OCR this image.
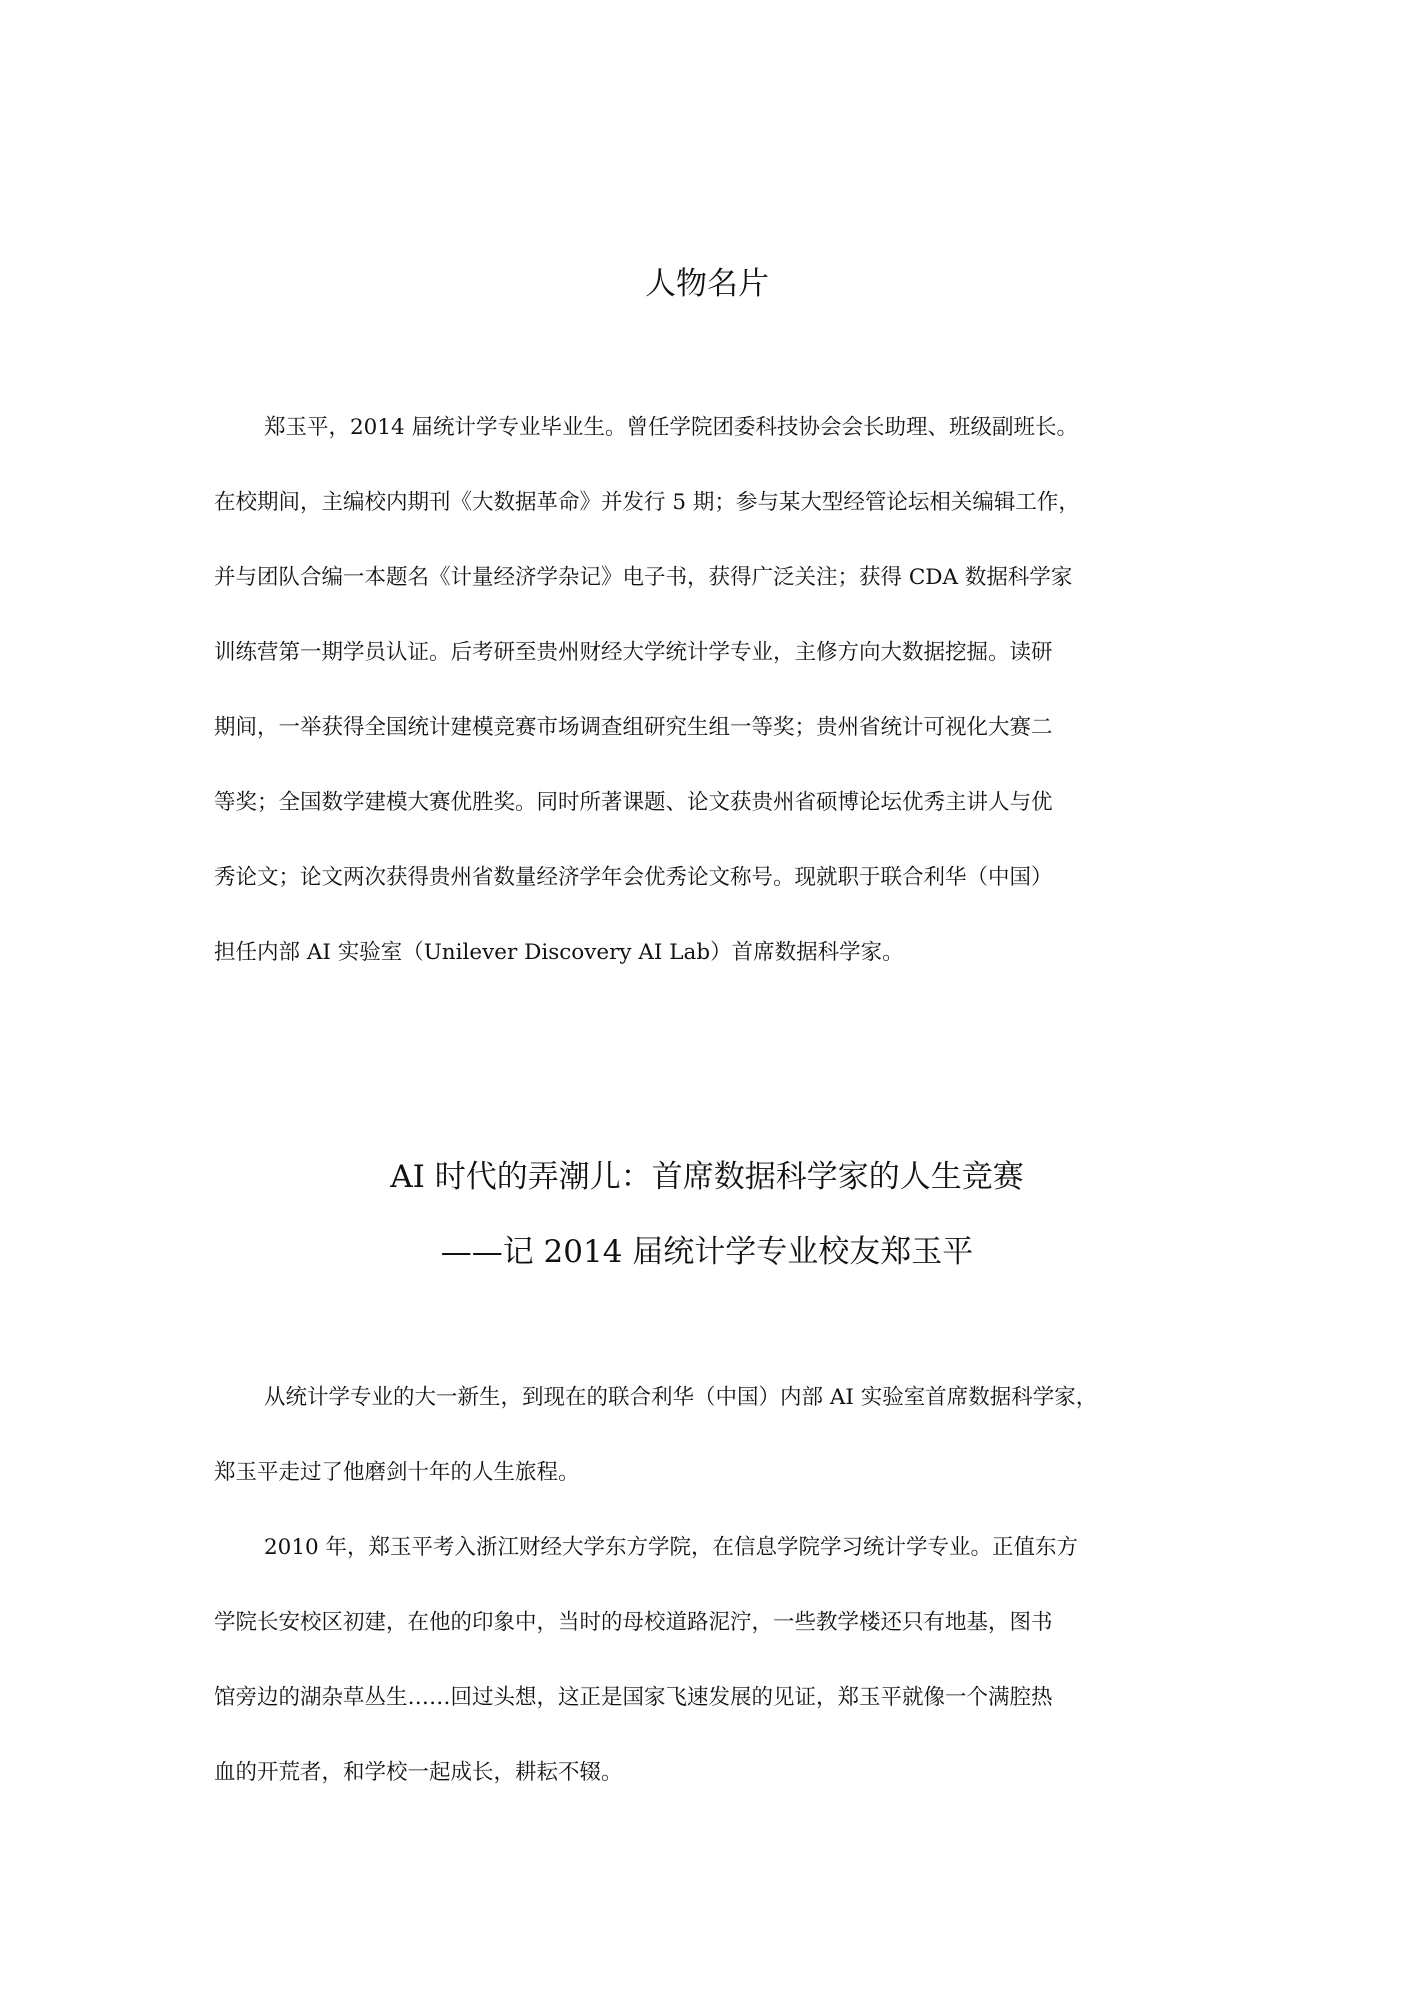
人物名片

郑玉平，2014 届统计学专业毕业生。曾任学院团委科技协会会长助理、班级副班长。

在校期间，主编校内期刊《大数据革命》并发行 5 期；参与某大型经管论坛相关编辑工作，

并与团队合编一本题名《计量经济学杂记》电子书，获得广泛关注；获得 CDA 数据科学家

训练营第一期学员认证。后考研至贵州财经大学统计学专业，主修方向大数据挖掘。读研

期间，一举获得全国统计建模竞赛市场调查组研究生组一等奖；贵州省统计可视化大赛二

等奖；全国数学建模大赛优胜奖。同时所著课题、论文获贵州省硕博论坛优秀主讲人与优

秀论文；论文两次获得贵州省数量经济学年会优秀论文称号。现就职于联合利华（中国）

担任内部 AI 实验室（Unilever Discovery AI Lab）首席数据科学家。

AI 时代的弄潮儿：首席数据科学家的人生竞赛
——记 2014 届统计学专业校友郑玉平

从统计学专业的大一新生，到现在的联合利华（中国）内部 AI 实验室首席数据科学家，

郑玉平走过了他磨剑十年的人生旅程。

2010 年，郑玉平考入浙江财经大学东方学院，在信息学院学习统计学专业。正值东方

学院长安校区初建，在他的印象中，当时的母校道路泥泞，一些教学楼还只有地基，图书

馆旁边的湖杂草丛生……回过头想，这正是国家飞速发展的见证，郑玉平就像一个满腔热

血的开荒者，和学校一起成长，耕耘不辍。
